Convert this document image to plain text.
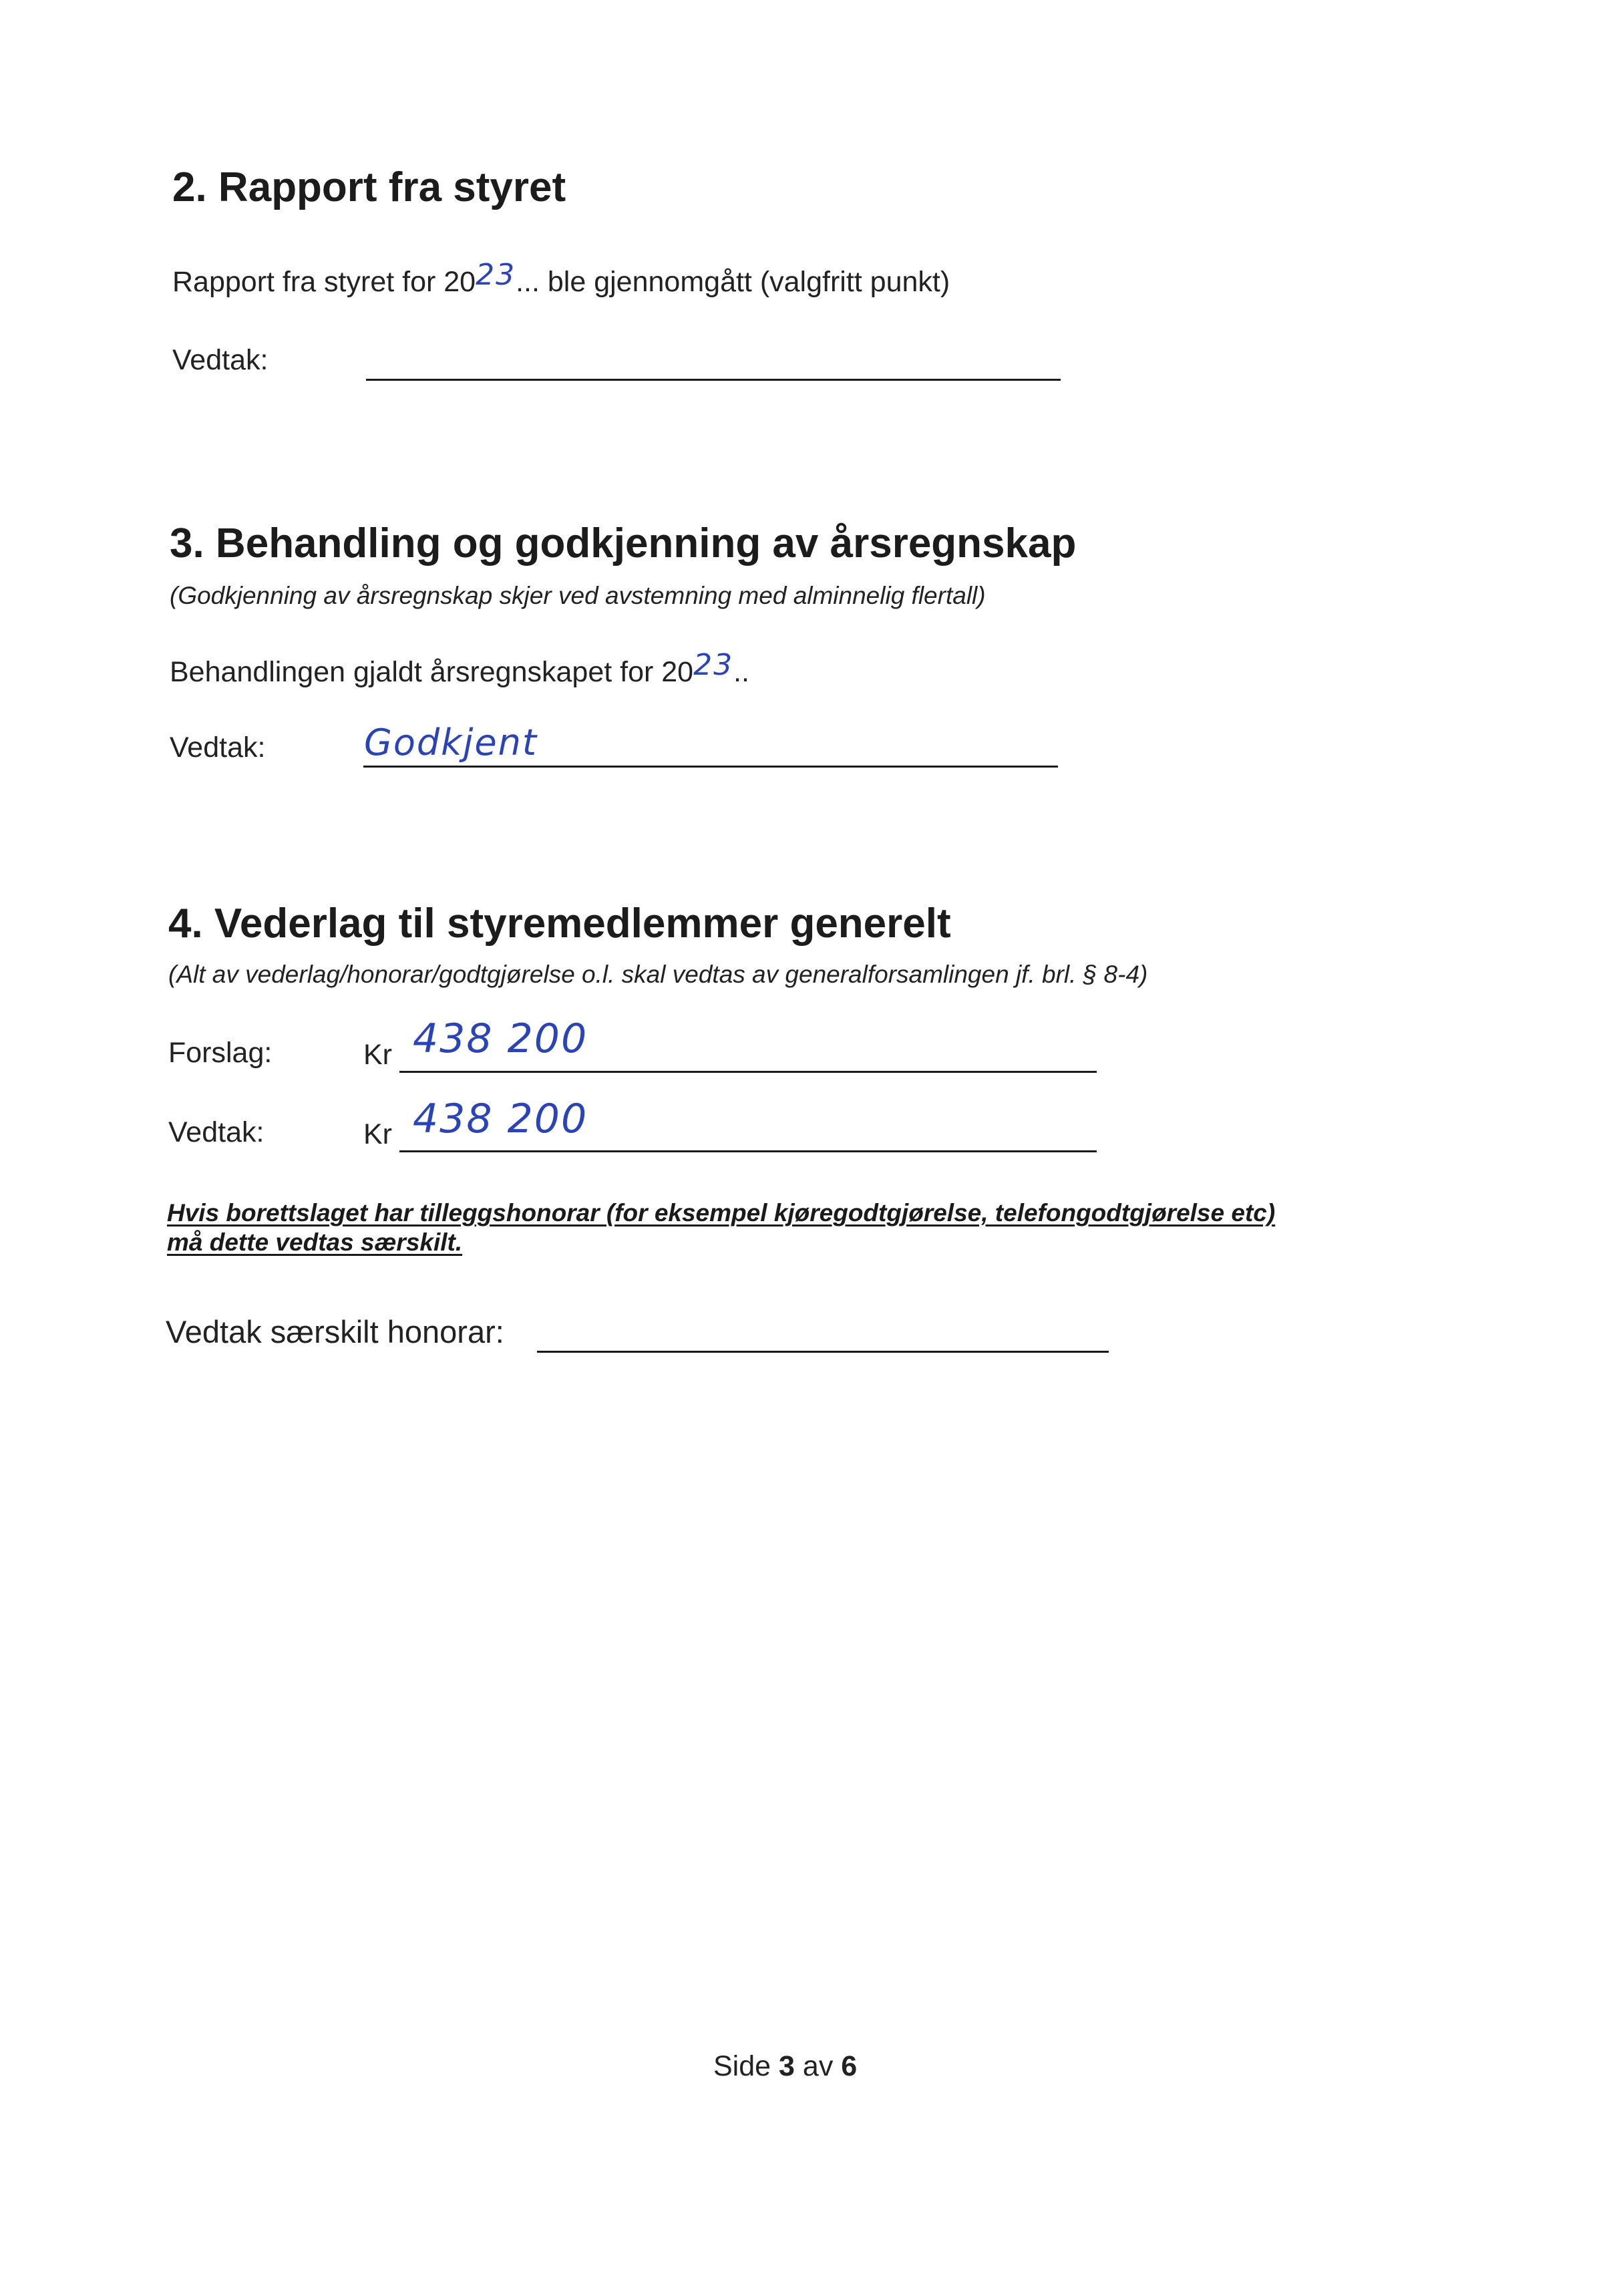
2. Rapport fra styret
Rapport fra styret for 2023... ble gjennomgått (valgfritt punkt)
Vedtak:
3. Behandling og godkjenning av årsregnskap
(Godkjenning av årsregnskap skjer ved avstemning med alminnelig flertall)
Behandlingen gjaldt årsregnskapet for 2023..
Vedtak:	Godkjent
4. Vederlag til styremedlemmer generelt
(Alt av vederlag/honorar/godtgjørelse o.l. skal vedtas av generalforsamlingen jf. brl. § 8-4)
Forslag:	Kr 438 200
Vedtak:	Kr 438 200
Hvis borettslaget har tilleggshonorar (for eksempel kjøregodtgjørelse, telefongodtgjørelse etc)
må dette vedtas særskilt.
Vedtak særskilt honorar:
Side 3 av 6
